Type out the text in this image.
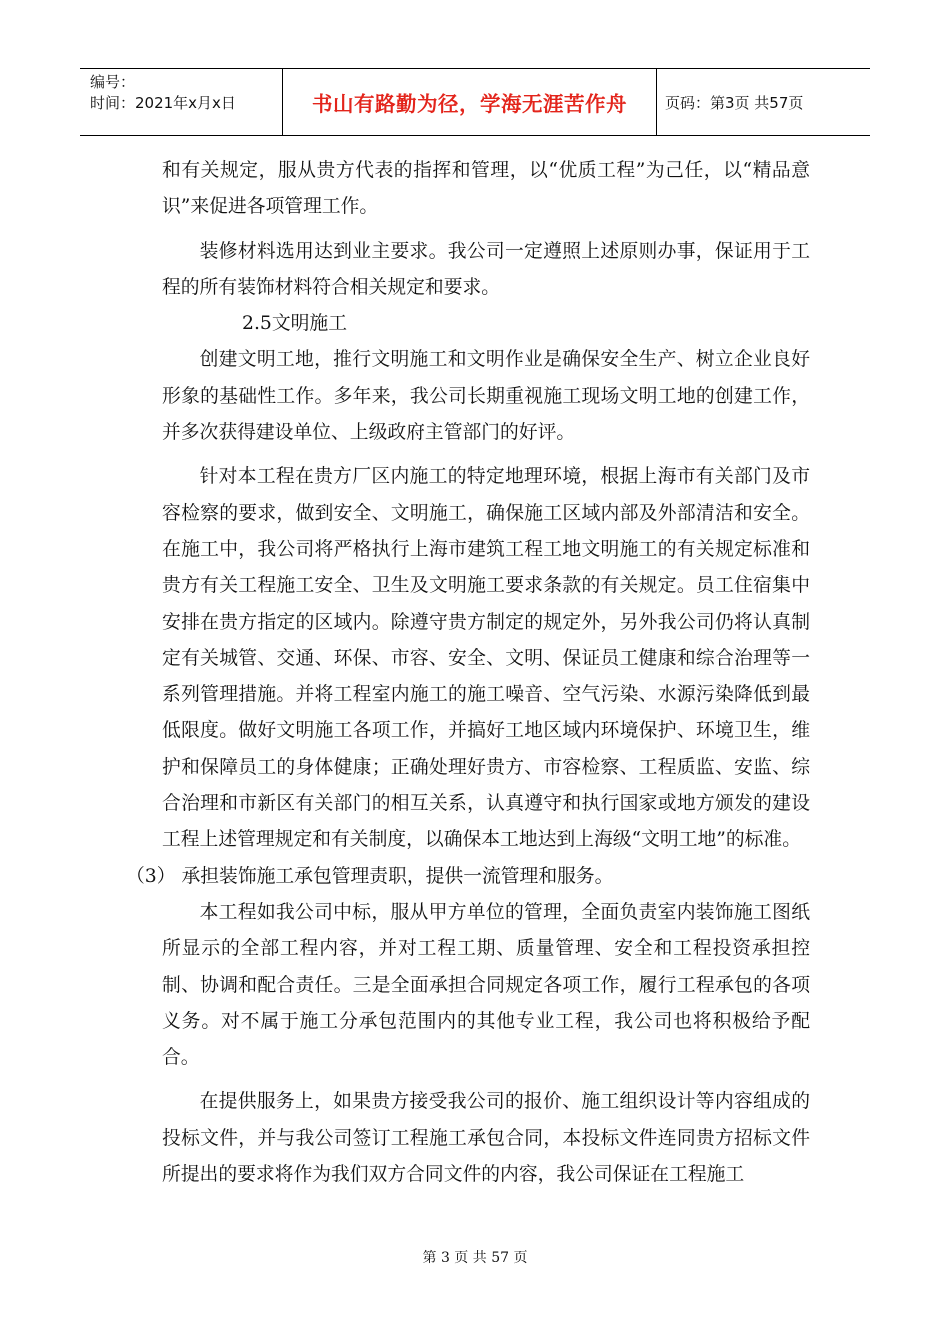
编号：
时间：2021年x月x日	书山有路勤为径，学海无涯苦作舟	页码：第3页 共57页

和有关规定，服从贵方代表的指挥和管理，以“优质工程”为己任，以“精品意识”来促进各项管理工作。

装修材料选用达到业主要求。我公司一定遵照上述原则办事，保证用于工程的所有装饰材料符合相关规定和要求。

2.5文明施工

创建文明工地，推行文明施工和文明作业是确保安全生产、树立企业良好形象的基础性工作。多年来，我公司长期重视施工现场文明工地的创建工作，并多次获得建设单位、上级政府主管部门的好评。

针对本工程在贵方厂区内施工的特定地理环境，根据上海市有关部门及市容检察的要求，做到安全、文明施工，确保施工区域内部及外部清洁和安全。在施工中，我公司将严格执行上海市建筑工程工地文明施工的有关规定标准和贵方有关工程施工安全、卫生及文明施工要求条款的有关规定。员工住宿集中安排在贵方指定的区域内。除遵守贵方制定的规定外，另外我公司仍将认真制定有关城管、交通、环保、市容、安全、文明、保证员工健康和综合治理等一系列管理措施。并将工程室内施工的施工噪音、空气污染、水源污染降低到最低限度。做好文明施工各项工作，并搞好工地区域内环境保护、环境卫生，维护和保障员工的身体健康；正确处理好贵方、市容检察、工程质监、安监、综合治理和市新区有关部门的相互关系，认真遵守和执行国家或地方颁发的建设工程上述管理规定和有关制度，以确保本工地达到上海级“文明工地”的标准。

（3） 承担装饰施工承包管理责职，提供一流管理和服务。

本工程如我公司中标，服从甲方单位的管理，全面负责室内装饰施工图纸所显示的全部工程内容，并对工程工期、质量管理、安全和工程投资承担控制、协调和配合责任。三是全面承担合同规定各项工作，履行工程承包的各项义务。对不属于施工分承包范围内的其他专业工程，我公司也将积极给予配合。

在提供服务上，如果贵方接受我公司的报价、施工组织设计等内容组成的投标文件，并与我公司签订工程施工承包合同，本投标文件连同贵方招标文件所提出的要求将作为我们双方合同文件的内容，我公司保证在工程施工

第 3 页 共 57 页
